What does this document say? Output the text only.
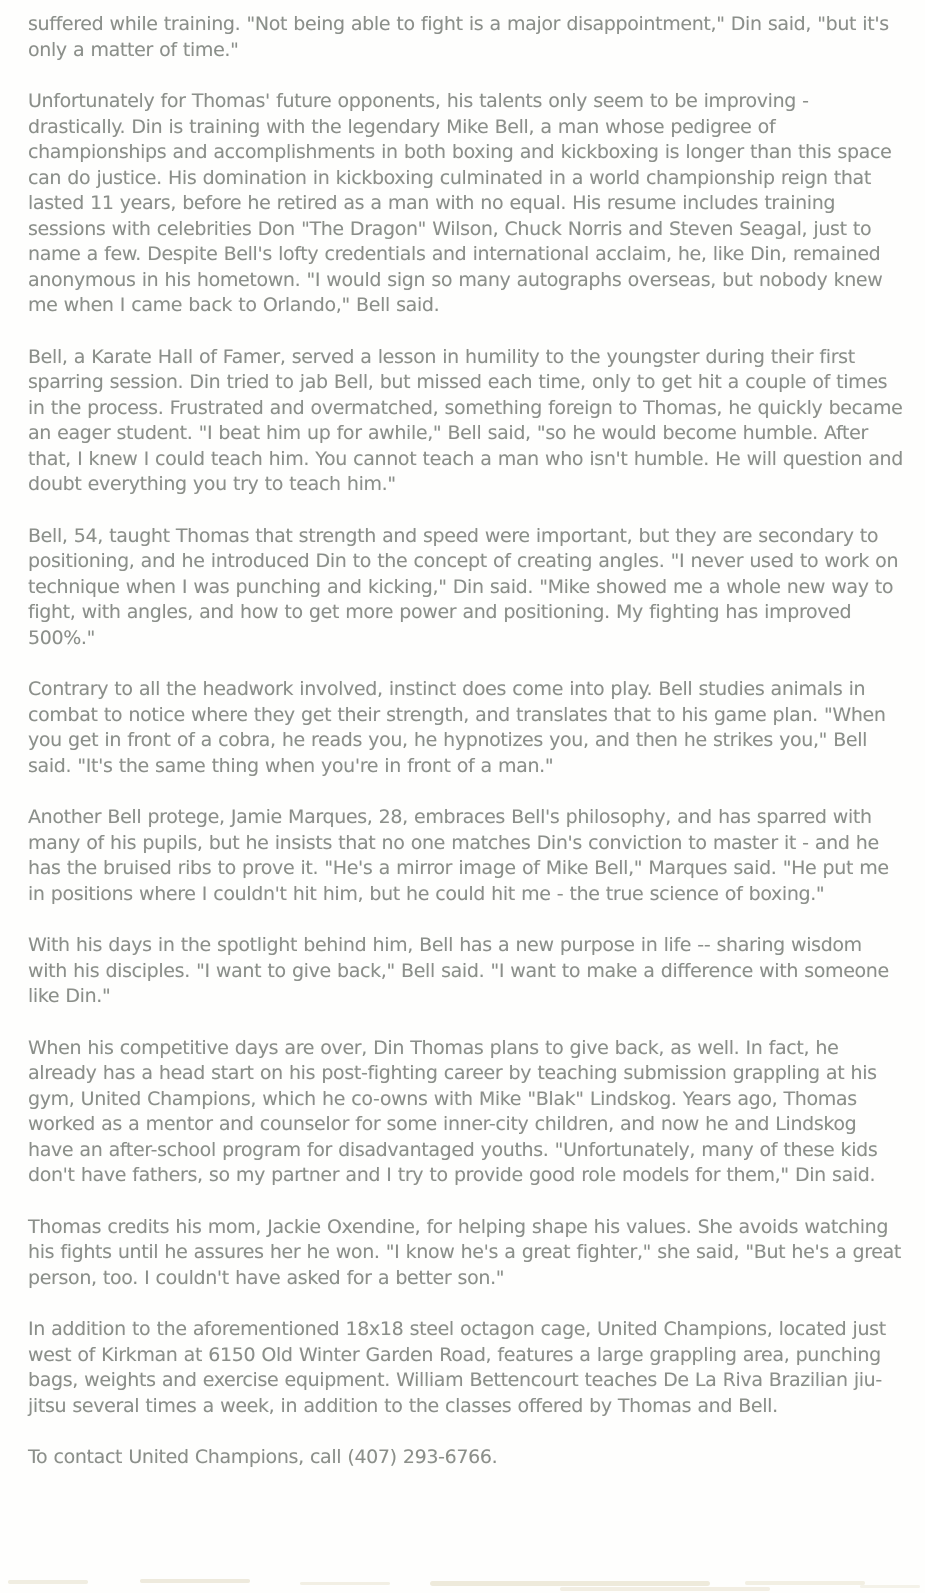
suffered while training. "Not being able to fight is a major disappointment," Din said, "but it's only a matter of time."

Unfortunately for Thomas' future opponents, his talents only seem to be improving - drastically. Din is training with the legendary Mike Bell, a man whose pedigree of championships and accomplishments in both boxing and kickboxing is longer than this space can do justice. His domination in kickboxing culminated in a world championship reign that lasted 11 years, before he retired as a man with no equal. His resume includes training sessions with celebrities Don "The Dragon" Wilson, Chuck Norris and Steven Seagal, just to name a few. Despite Bell's lofty credentials and international acclaim, he, like Din, remained anonymous in his hometown. "I would sign so many autographs overseas, but nobody knew me when I came back to Orlando," Bell said.

Bell, a Karate Hall of Famer, served a lesson in humility to the youngster during their first sparring session. Din tried to jab Bell, but missed each time, only to get hit a couple of times in the process. Frustrated and overmatched, something foreign to Thomas, he quickly became an eager student. "I beat him up for awhile," Bell said, "so he would become humble. After that, I knew I could teach him. You cannot teach a man who isn't humble. He will question and doubt everything you try to teach him."

Bell, 54, taught Thomas that strength and speed were important, but they are secondary to positioning, and he introduced Din to the concept of creating angles. "I never used to work on technique when I was punching and kicking," Din said. "Mike showed me a whole new way to fight, with angles, and how to get more power and positioning. My fighting has improved 500%."

Contrary to all the headwork involved, instinct does come into play. Bell studies animals in combat to notice where they get their strength, and translates that to his game plan. "When you get in front of a cobra, he reads you, he hypnotizes you, and then he strikes you," Bell said. "It's the same thing when you're in front of a man."

Another Bell protege, Jamie Marques, 28, embraces Bell's philosophy, and has sparred with many of his pupils, but he insists that no one matches Din's conviction to master it - and he has the bruised ribs to prove it. "He's a mirror image of Mike Bell," Marques said. "He put me in positions where I couldn't hit him, but he could hit me - the true science of boxing."

With his days in the spotlight behind him, Bell has a new purpose in life -- sharing wisdom with his disciples. "I want to give back," Bell said. "I want to make a difference with someone like Din."

When his competitive days are over, Din Thomas plans to give back, as well. In fact, he already has a head start on his post-fighting career by teaching submission grappling at his gym, United Champions, which he co-owns with Mike "Blak" Lindskog. Years ago, Thomas worked as a mentor and counselor for some inner-city children, and now he and Lindskog have an after-school program for disadvantaged youths. "Unfortunately, many of these kids don't have fathers, so my partner and I try to provide good role models for them," Din said.

Thomas credits his mom, Jackie Oxendine, for helping shape his values. She avoids watching his fights until he assures her he won. "I know he's a great fighter," she said, "But he's a great person, too. I couldn't have asked for a better son."

In addition to the aforementioned 18x18 steel octagon cage, United Champions, located just west of Kirkman at 6150 Old Winter Garden Road, features a large grappling area, punching bags, weights and exercise equipment. William Bettencourt teaches De La Riva Brazilian jiu-jitsu several times a week, in addition to the classes offered by Thomas and Bell.

To contact United Champions, call (407) 293-6766.
